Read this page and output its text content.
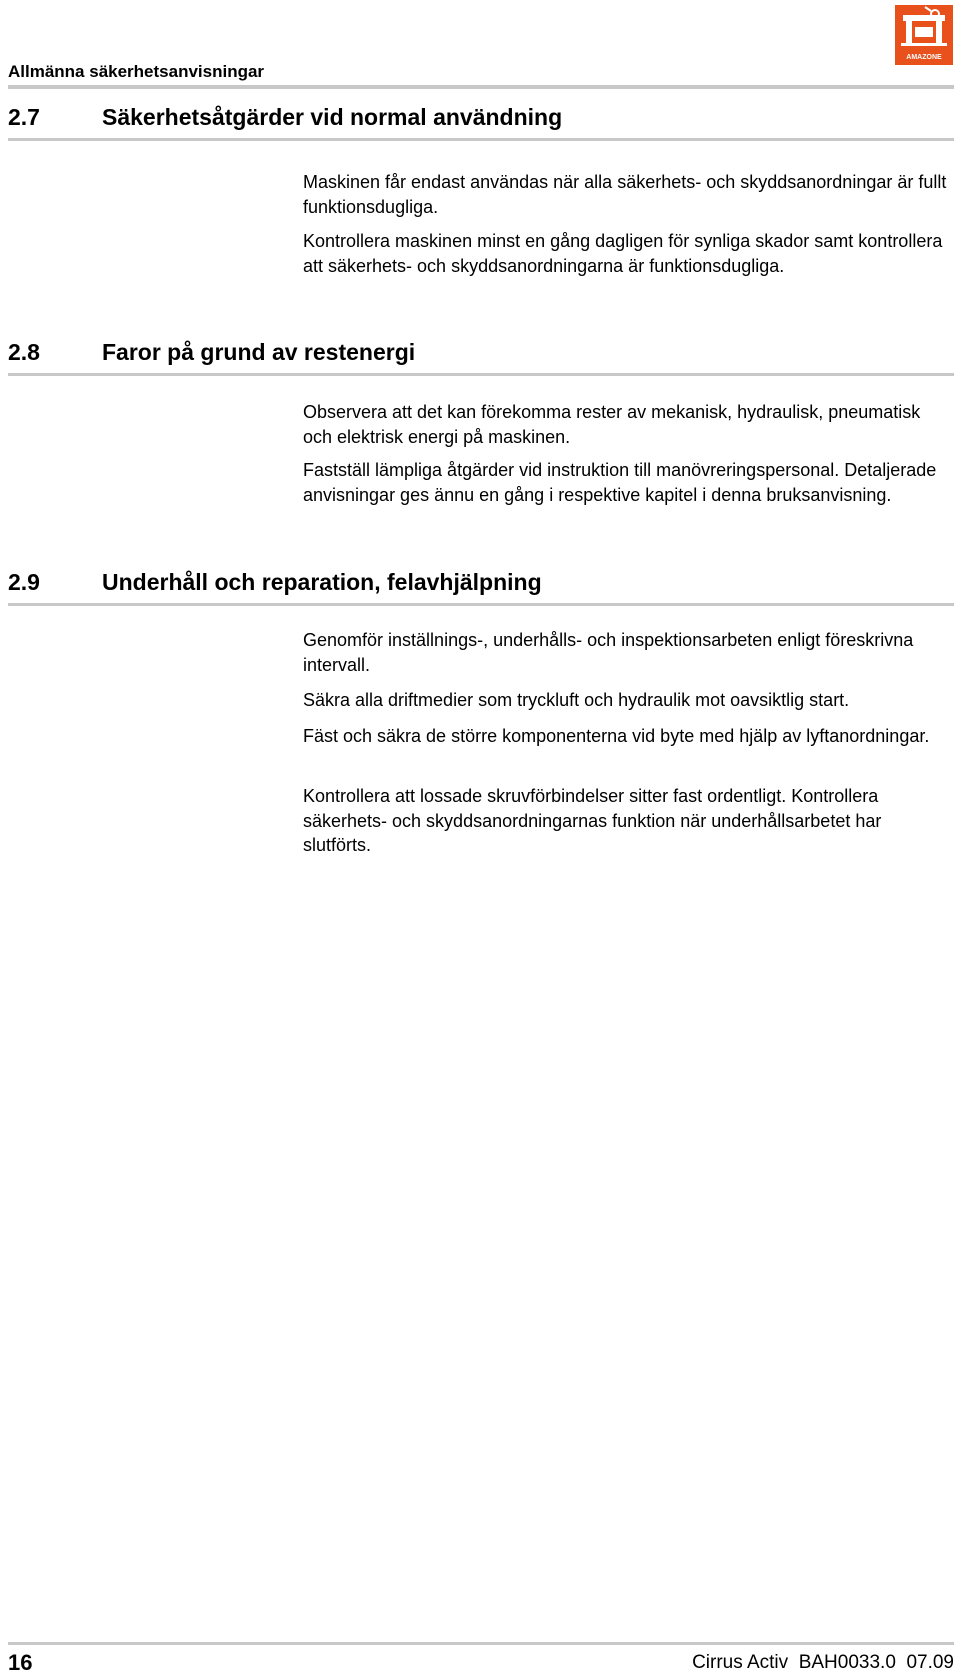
Allmänna säkerhetsanvisningar
AMAZONE
2.7	Säkerhetsåtgärder vid normal användning
Maskinen får endast användas när alla säkerhets- och skyddsanordningar är fullt funktionsdugliga.
Kontrollera maskinen minst en gång dagligen för synliga skador samt kontrollera att säkerhets- och skyddsanordningarna är funktionsdugliga.
2.8	Faror på grund av restenergi
Observera att det kan förekomma rester av mekanisk, hydraulisk, pneumatisk och elektrisk energi på maskinen.
Fastställ lämpliga åtgärder vid instruktion till manövreringspersonal. Detaljerade anvisningar ges ännu en gång i respektive kapitel i denna bruksanvisning.
2.9	Underhåll och reparation, felavhjälpning
Genomför inställnings-, underhålls- och inspektionsarbeten enligt föreskrivna intervall.
Säkra alla driftmedier som tryckluft och hydraulik mot oavsiktlig start.
Fäst och säkra de större komponenterna vid byte med hjälp av lyftanordningar.
Kontrollera att lossade skruvförbindelser sitter fast ordentligt. Kontrollera säkerhets- och skyddsanordningarnas funktion när underhållsarbetet har slutförts.
16	Cirrus Activ  BAH0033.0  07.09
